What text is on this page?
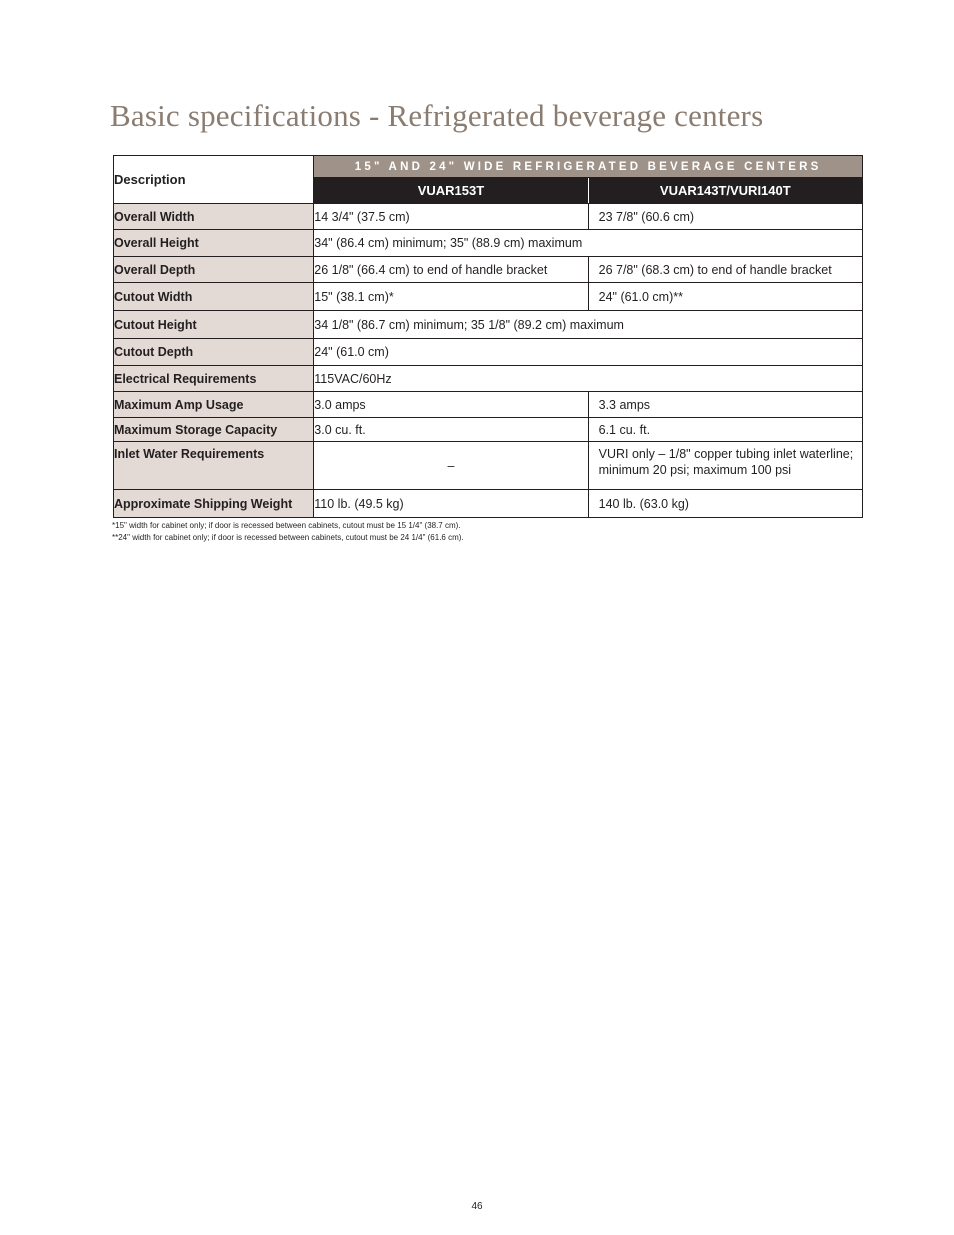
Basic specifications - Refrigerated beverage centers
Description	15" AND 24" WIDE REFRIGERATED BEVERAGE CENTERS	
	VUAR153T	VUAR143T/VURI140T
Overall Width	14 3/4" (37.5 cm)	23 7/8" (60.6 cm)
Overall Height	34" (86.4 cm) minimum; 35" (88.9 cm) maximum	
Overall Depth	26 1/8" (66.4 cm) to end of handle bracket	26 7/8" (68.3 cm) to end of handle bracket
Cutout Width	15" (38.1 cm)*	24" (61.0 cm)**
Cutout Height	34 1/8" (86.7 cm) minimum; 35 1/8" (89.2 cm) maximum	
Cutout Depth	24" (61.0 cm)	
Electrical Requirements	115VAC/60Hz	
Maximum Amp Usage	3.0 amps	3.3 amps
Maximum Storage Capacity	3.0 cu. ft.	6.1 cu. ft.
Inlet Water Requirements	–	VURI only – 1/8" copper tubing inlet waterline; minimum 20 psi; maximum 100 psi
Approximate Shipping Weight	110 lb. (49.5 kg)	140 lb. (63.0 kg)
*15" width for cabinet only; if door is recessed between cabinets, cutout must be 15 1/4" (38.7 cm).
**24" width for cabinet only; if door is recessed between cabinets, cutout must be 24 1/4" (61.6 cm).
46
